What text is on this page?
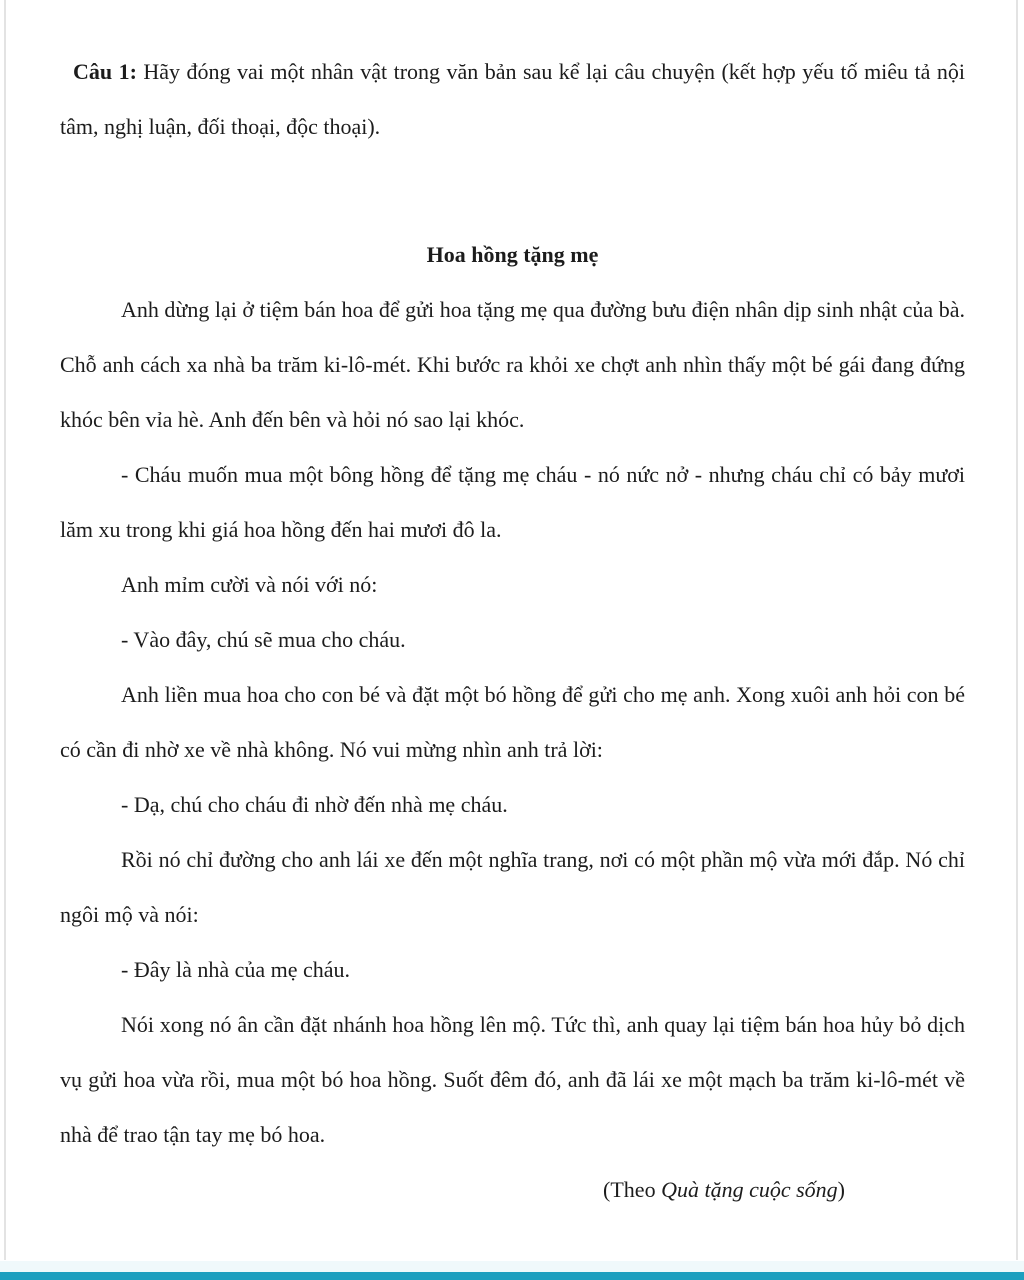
Câu 1: Hãy đóng vai một nhân vật trong văn bản sau kể lại câu chuyện (kết hợp yếu tố miêu tả nội tâm, nghị luận, đối thoại, độc thoại).

Hoa hồng tặng mẹ

Anh dừng lại ở tiệm bán hoa để gửi hoa tặng mẹ qua đường bưu điện nhân dịp sinh nhật của bà. Chỗ anh cách xa nhà ba trăm ki-lô-mét. Khi bước ra khỏi xe chợt anh nhìn thấy một bé gái đang đứng khóc bên vỉa hè. Anh đến bên và hỏi nó sao lại khóc.

- Cháu muốn mua một bông hồng để tặng mẹ cháu - nó nức nở - nhưng cháu chỉ có bảy mươi lăm xu trong khi giá hoa hồng đến hai mươi đô la.

Anh mỉm cười và nói với nó:

- Vào đây, chú sẽ mua cho cháu.

Anh liền mua hoa cho con bé và đặt một bó hồng để gửi cho mẹ anh. Xong xuôi anh hỏi con bé có cần đi nhờ xe về nhà không. Nó vui mừng nhìn anh trả lời:

- Dạ, chú cho cháu đi nhờ đến nhà mẹ cháu.

Rồi nó chỉ đường cho anh lái xe đến một nghĩa trang, nơi có một phần mộ vừa mới đắp. Nó chỉ ngôi mộ và nói:

- Đây là nhà của mẹ cháu.

Nói xong nó ân cần đặt nhánh hoa hồng lên mộ. Tức thì, anh quay lại tiệm bán hoa hủy bỏ dịch vụ gửi hoa vừa rồi, mua một bó hoa hồng. Suốt đêm đó, anh đã lái xe một mạch ba trăm ki-lô-mét về nhà để trao tận tay mẹ bó hoa.

(Theo Quà tặng cuộc sống)
